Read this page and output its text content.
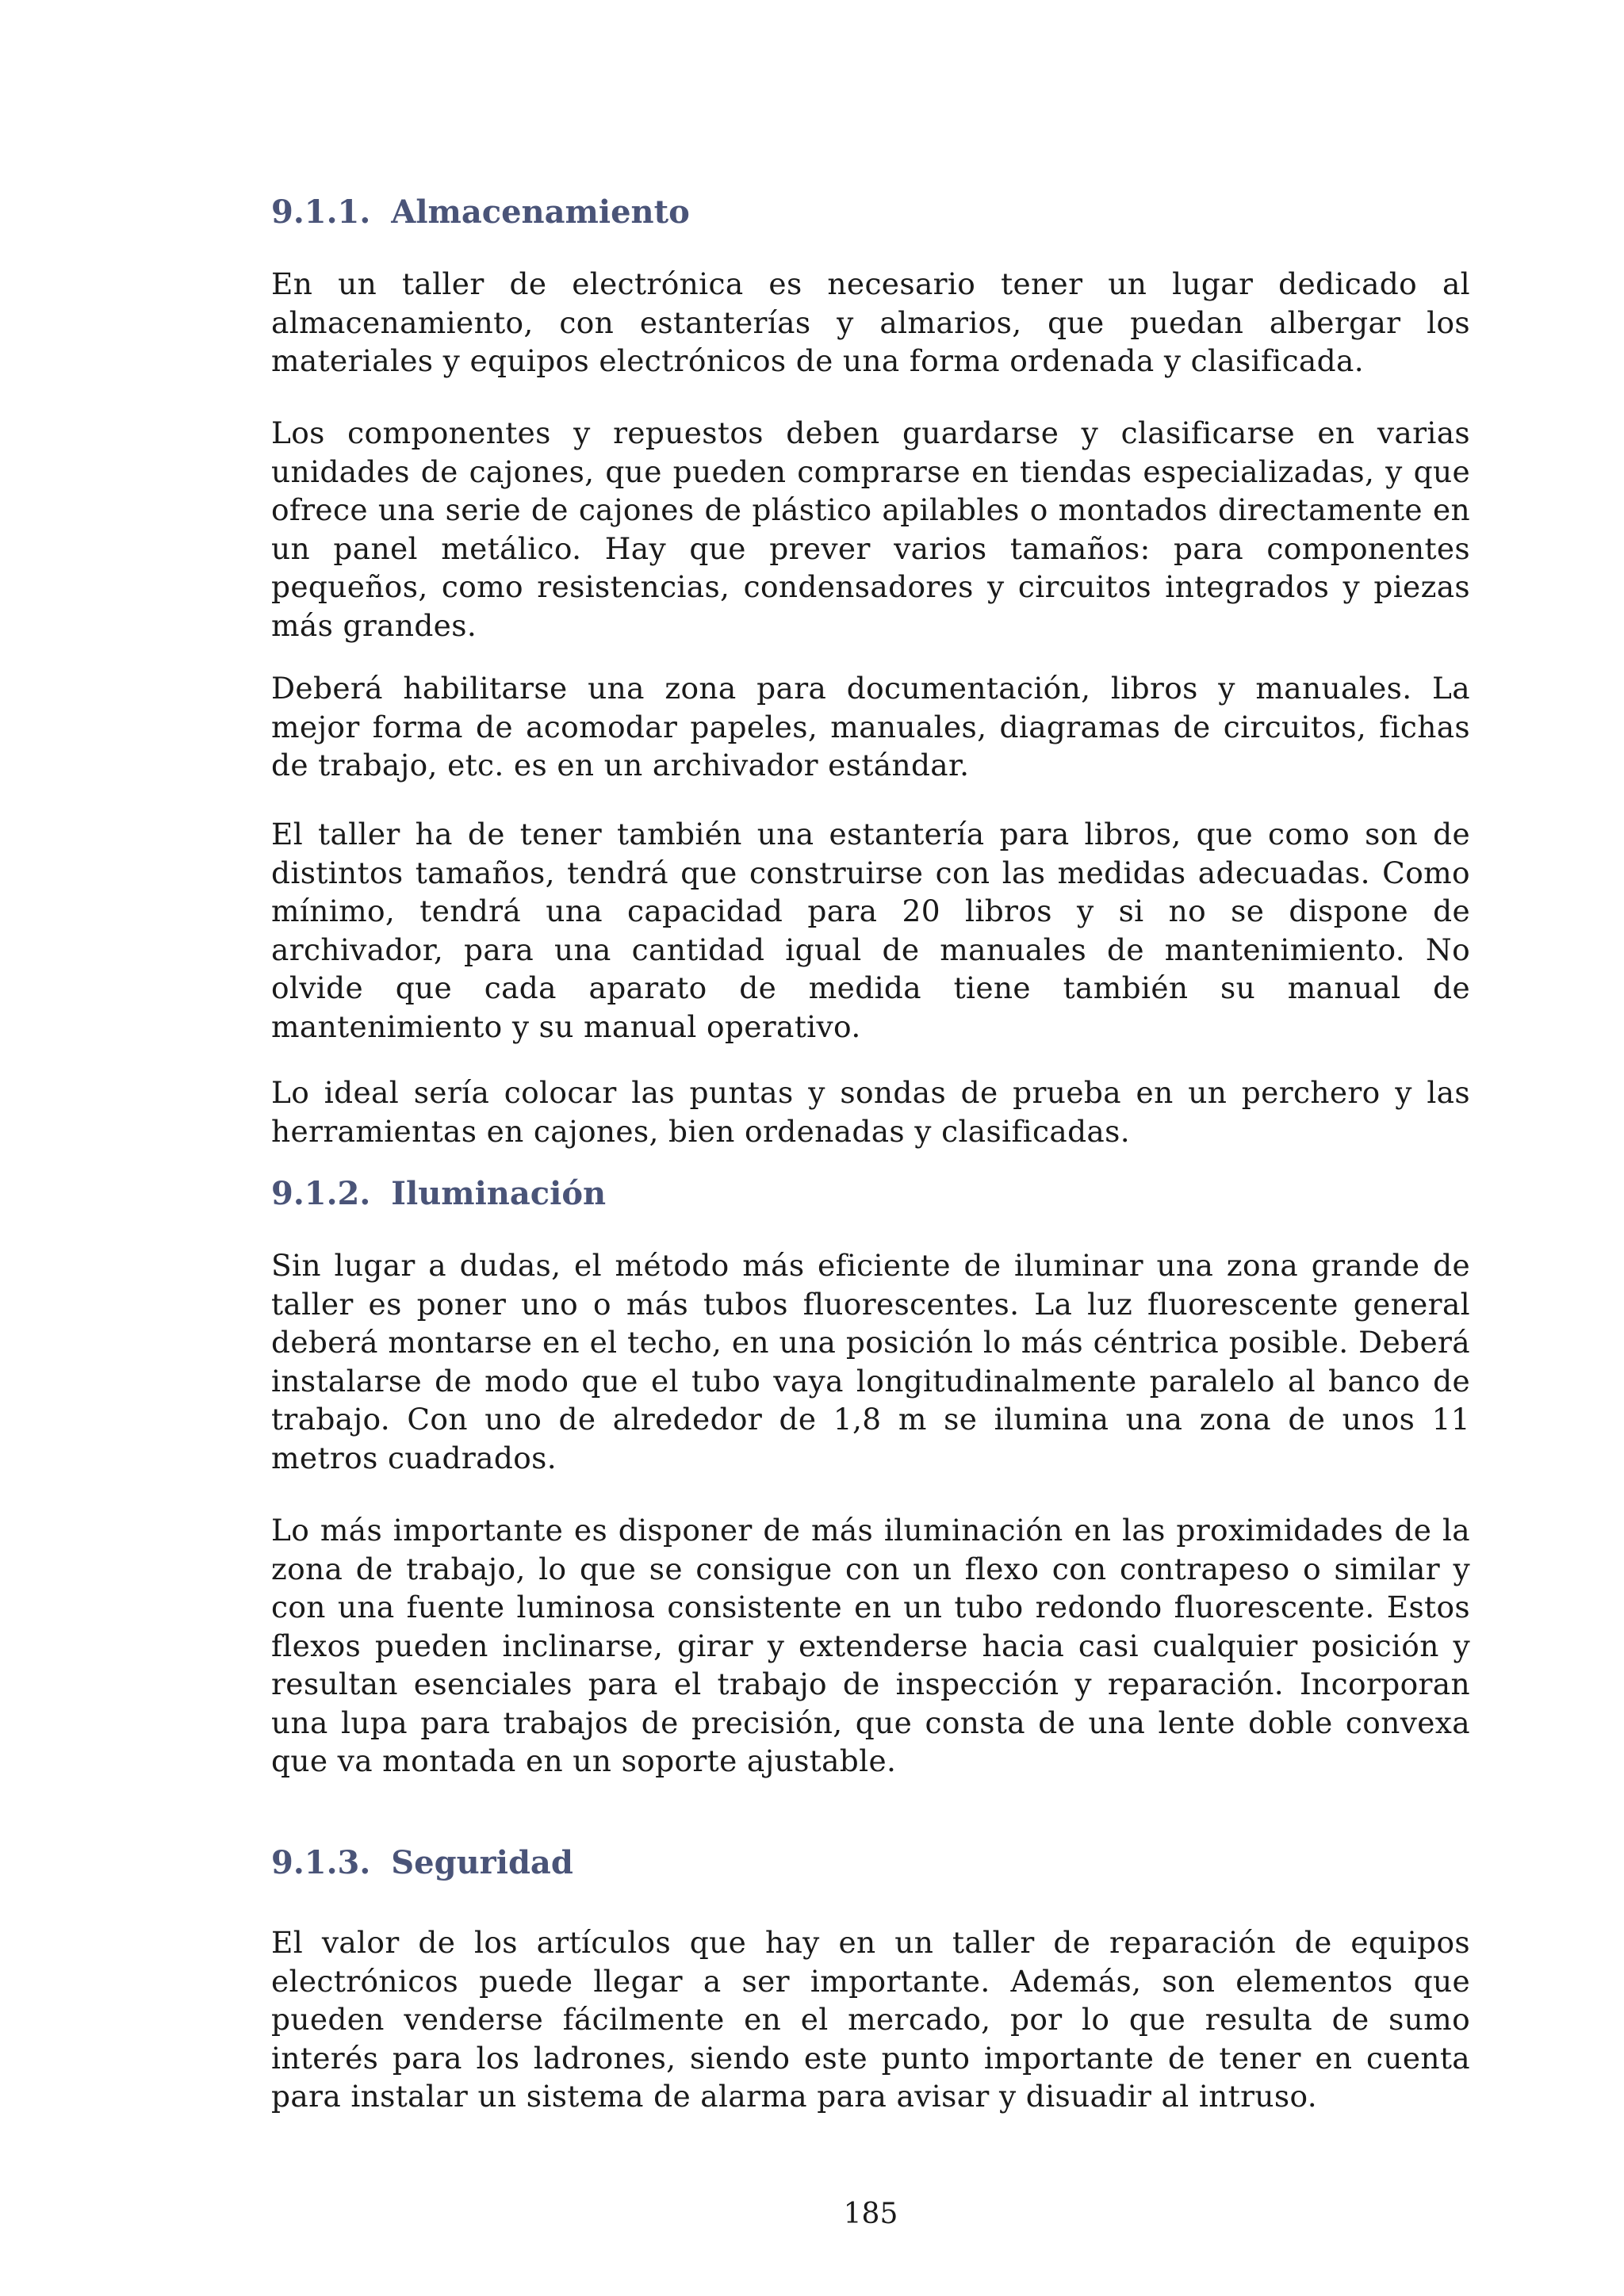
9.1.1. Almacenamiento

En un taller de electrónica es necesario tener un lugar dedicado al almacenamiento, con estanterías y almarios, que puedan albergar los materiales y equipos electrónicos de una forma ordenada y clasificada.

Los componentes y repuestos deben guardarse y clasificarse en varias unidades de cajones, que pueden comprarse en tiendas especializadas, y que ofrece una serie de cajones de plástico apilables o montados directamente en un panel metálico. Hay que prever varios tamaños: para componentes pequeños, como resistencias, condensadores y circuitos integrados y piezas más grandes.

Deberá habilitarse una zona para documentación, libros y manuales. La mejor forma de acomodar papeles, manuales, diagramas de circuitos, fichas de trabajo, etc. es en un archivador estándar.

El taller ha de tener también una estantería para libros, que como son de distintos tamaños, tendrá que construirse con las medidas adecuadas. Como mínimo, tendrá una capacidad para 20 libros y si no se dispone de archivador, para una cantidad igual de manuales de mantenimiento. No olvide que cada aparato de medida tiene también su manual de mantenimiento y su manual operativo.

Lo ideal sería colocar las puntas y sondas de prueba en un perchero y las herramientas en cajones, bien ordenadas y clasificadas.

9.1.2. Iluminación

Sin lugar a dudas, el método más eficiente de iluminar una zona grande de taller es poner uno o más tubos fluorescentes. La luz fluorescente general deberá montarse en el techo, en una posición lo más céntrica posible. Deberá instalarse de modo que el tubo vaya longitudinalmente paralelo al banco de trabajo. Con uno de alrededor de 1,8 m se ilumina una zona de unos 11 metros cuadrados.

Lo más importante es disponer de más iluminación en las proximidades de la zona de trabajo, lo que se consigue con un flexo con contrapeso o similar y con una fuente luminosa consistente en un tubo redondo fluorescente. Estos flexos pueden inclinarse, girar y extenderse hacia casi cualquier posición y resultan esenciales para el trabajo de inspección y reparación. Incorporan una lupa para trabajos de precisión, que consta de una lente doble convexa que va montada en un soporte ajustable.

9.1.3. Seguridad

El valor de los artículos que hay en un taller de reparación de equipos electrónicos puede llegar a ser importante. Además, son elementos que pueden venderse fácilmente en el mercado, por lo que resulta de sumo interés para los ladrones, siendo este punto importante de tener en cuenta para instalar un sistema de alarma para avisar y disuadir al intruso.

185
